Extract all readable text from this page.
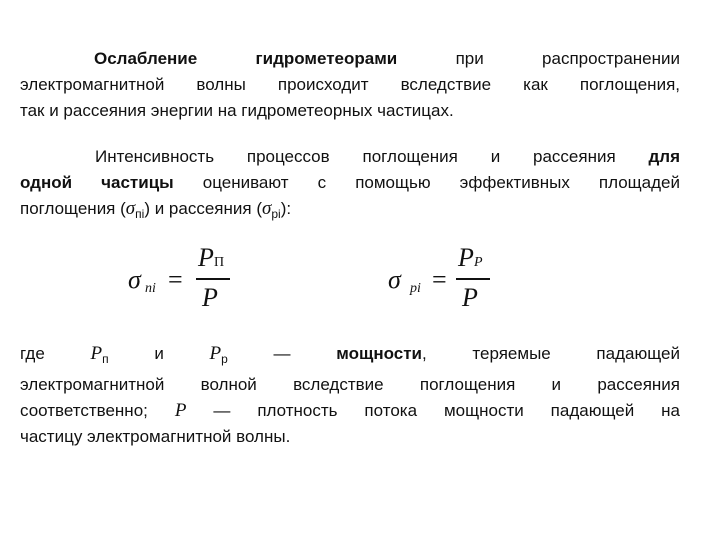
Ослабление гидрометеорами при распространении
электромагнитной волны происходит вследствие как поглощения,
так и рассеяния энергии на гидрометеорных частицах.
Интенсивность процессов поглощения и рассеяния для
одной частицы оценивают с помощью эффективных площадей
поглощения $(\sigma_{пi})$ и рассеяния $(\sigma_{pi})$:
σ пi =
P П
P
σ pi =
P P
P
где $P_п$	и $P_р$	—	мощности, теряемые падающей
электромагнитной волной вследствие поглощения и рассеяния
соответственно; P — плотность потока мощности падающей на
частицу электромагнитной волны.
